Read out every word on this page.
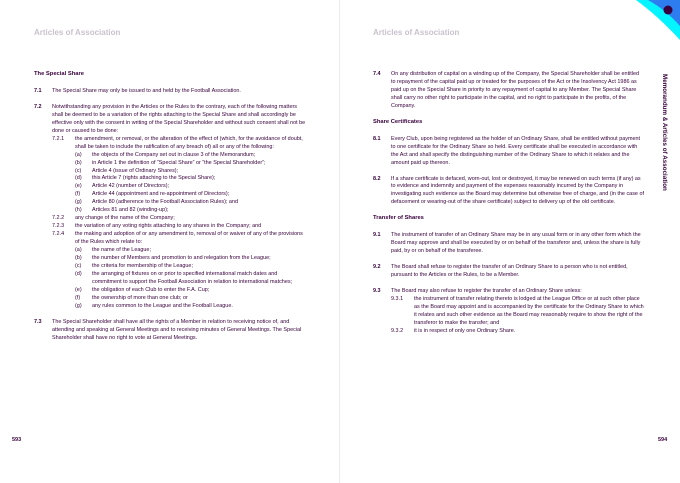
Articles of Association	Articles of Association
Memorandum & Articles of Association
The Special Share
7.1 The Special Share may only be issued to and held by the Football Association.
7.2 Notwithstanding any provision in the Articles or the Rules to the contrary, each of the following matters shall be deemed to be a variation of the rights attaching to the Special Share and shall accordingly be effective only with the consent in writing of the Special Shareholder and without such consent shall not be done or caused to be done:
7.2.1 the amendment, or removal, or the alteration of the effect of (which, for the avoidance of doubt, shall be taken to include the ratification of any breach of) all or any of the following:
(a) the objects of the Company set out in clause 3 of the Memorandum;
(b) in Article 1 the definition of “Special Share” or “the Special Shareholder”;
(c) Article 4 (issue of Ordinary Shares);
(d) this Article 7 (rights attaching to the Special Share);
(e) Article 42 (number of Directors);
(f) Article 44 (appointment and re-appointment of Directors);
(g) Article 80 (adherence to the Football Association Rules); and
(h) Articles 81 and 82 (winding-up);
7.2.2 any change of the name of the Company;
7.2.3 the variation of any voting rights attaching to any shares in the Company; and
7.2.4 the making and adoption of or any amendment to, removal of or waiver of any of the provisions of the Rules which relate to:
(a) the name of the League;
(b) the number of Members and promotion to and relegation from the League;
(c) the criteria for membership of the League;
(d) the arranging of fixtures on or prior to specified international match dates and commitment to support the Football Association in relation to international matches;
(e) the obligation of each Club to enter the F.A. Cup;
(f) the ownership of more than one club; or
(g) any rules common to the League and the Football League.
7.3 The Special Shareholder shall have all the rights of a Member in relation to receiving notice of, and attending and speaking at General Meetings and to receiving minutes of General Meetings. The Special Shareholder shall have no right to vote at General Meetings.
7.4 On any distribution of capital on a winding up of the Company, the Special Shareholder shall be entitled to repayment of the capital paid up or treated for the purposes of the Act or the Insolvency Act 1986 as paid up on the Special Share in priority to any repayment of capital to any Member. The Special Share shall carry no other right to participate in the capital, and no right to participate in the profits, of the Company.
Share Certificates
8.1 Every Club, upon being registered as the holder of an Ordinary Share, shall be entitled without payment to one certificate for the Ordinary Share so held. Every certificate shall be executed in accordance with the Act and shall specify the distinguishing number of the Ordinary Share to which it relates and the amount paid up thereon.
8.2 If a share certificate is defaced, worn-out, lost or destroyed, it may be renewed on such terms (if any) as to evidence and indemnity and payment of the expenses reasonably incurred by the Company in investigating such evidence as the Board may determine but otherwise free of charge, and (in the case of defacement or wearing-out of the share certificate) subject to delivery up of the old certificate.
Transfer of Shares
9.1 The instrument of transfer of an Ordinary Share may be in any usual form or in any other form which the Board may approve and shall be executed by or on behalf of the transferor and, unless the share is fully paid, by or on behalf of the transferee.
9.2 The Board shall refuse to register the transfer of an Ordinary Share to a person who is not entitled, pursuant to the Articles or the Rules, to be a Member.
9.3 The Board may also refuse to register the transfer of an Ordinary Share unless:
9.3.1 the instrument of transfer relating thereto is lodged at the League Office or at such other place as the Board may appoint and is accompanied by the certificate for the Ordinary Share to which it relates and such other evidence as the Board may reasonably require to show the right of the transferor to make the transfer; and
9.3.2 it is in respect of only one Ordinary Share.
593	594
